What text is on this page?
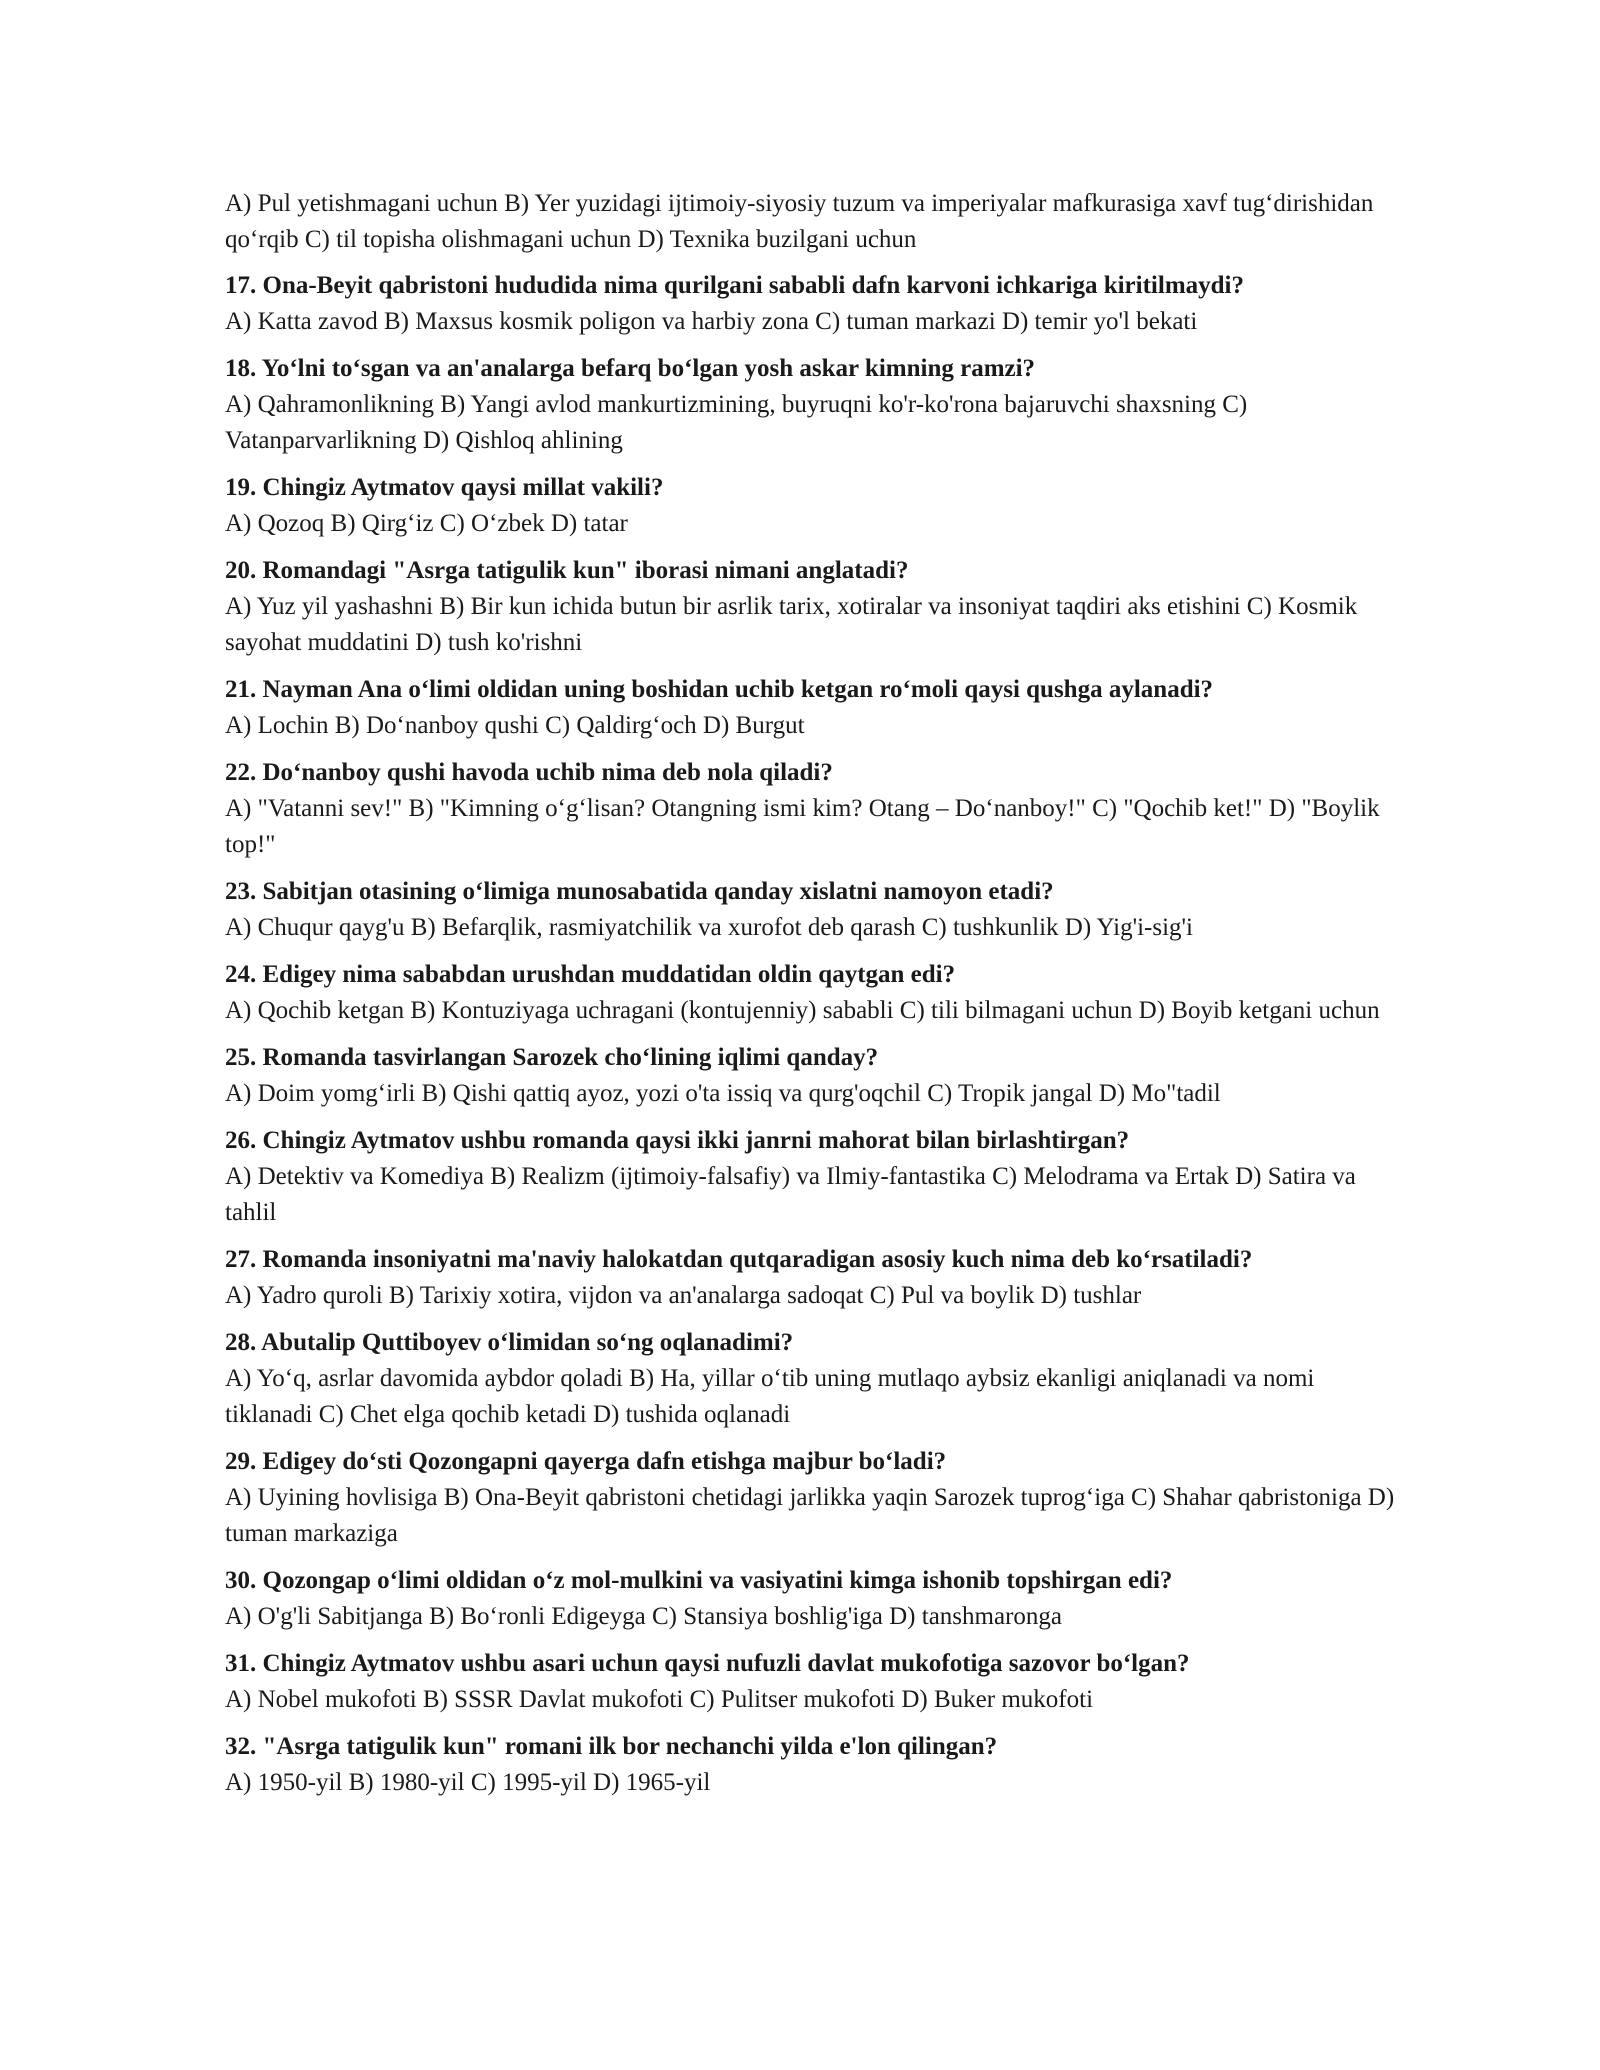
A) Pul yetishmagani uchun B) Yer yuzidagi ijtimoiy-siyosiy tuzum va imperiyalar mafkurasiga xavf tug‘dirishidan qo‘rqib C) til topisha olishmagani uchun D) Texnika buzilgani uchun

17. Ona-Beyit qabristoni hududida nima qurilgani sababli dafn karvoni ichkariga kiritilmaydi?

A) Katta zavod B) Maxsus kosmik poligon va harbiy zona C) tuman markazi D) temir yo'l bekati

18. Yo‘lni to‘sgan va an'analarga befarq bo‘lgan yosh askar kimning ramzi?

A) Qahramonlikning B) Yangi avlod mankurtizmining, buyruqni ko'r-ko'rona bajaruvchi shaxsning C) Vatanparvarlikning D) Qishloq ahlining

19. Chingiz Aytmatov qaysi millat vakili?

A) Qozoq B) Qirg‘iz C) O‘zbek D) tatar

20. Romandagi "Asrga tatigulik kun" iborasi nimani anglatadi?

A) Yuz yil yashashni B) Bir kun ichida butun bir asrlik tarix, xotiralar va insoniyat taqdiri aks etishini C) Kosmik sayohat muddatini D) tush ko'rishni

21. Nayman Ana o‘limi oldidan uning boshidan uchib ketgan ro‘moli qaysi qushga aylanadi?

A) Lochin B) Do‘nanboy qushi C) Qaldirg‘och D) Burgut

22. Do‘nanboy qushi havoda uchib nima deb nola qiladi?

A) "Vatanni sev!" B) "Kimning o‘g‘lisan? Otangning ismi kim? Otang – Do‘nanboy!" C) "Qochib ket!" D) "Boylik top!"

23. Sabitjan otasining o‘limiga munosabatida qanday xislatni namoyon etadi?

A) Chuqur qayg'u B) Befarqlik, rasmiyatchilik va xurofot deb qarash C) tushkunlik D) Yig'i-sig'i

24. Edigey nima sababdan urushdan muddatidan oldin qaytgan edi?

A) Qochib ketgan B) Kontuziyaga uchragani (kontujenniy) sababli C) tili bilmagani uchun D) Boyib ketgani uchun

25. Romanda tasvirlangan Sarozek cho‘lining iqlimi qanday?

A) Doim yomg‘irli B) Qishi qattiq ayoz, yozi o'ta issiq va qurg'oqchil C) Tropik jangal D) Mo"tadil

26. Chingiz Aytmatov ushbu romanda qaysi ikki janrni mahorat bilan birlashtirgan?

A) Detektiv va Komediya B) Realizm (ijtimoiy-falsafiy) va Ilmiy-fantastika C) Melodrama va Ertak D) Satira va tahlil

27. Romanda insoniyatni ma'naviy halokatdan qutqaradigan asosiy kuch nima deb ko‘rsatiladi?

A) Yadro quroli B) Tarixiy xotira, vijdon va an'analarga sadoqat C) Pul va boylik D) tushlar

28. Abutalip Quttiboyev o‘limidan so‘ng oqlanadimi?

A) Yo‘q, asrlar davomida aybdor qoladi B) Ha, yillar o‘tib uning mutlaqo aybsiz ekanligi aniqlanadi va nomi tiklanadi C) Chet elga qochib ketadi D) tushida oqlanadi

29. Edigey do‘sti Qozongapni qayerga dafn etishga majbur bo‘ladi?

A) Uyining hovlisiga B) Ona-Beyit qabristoni chetidagi jarlikka yaqin Sarozek tuprog‘iga C) Shahar qabristoniga D) tuman markaziga

30. Qozongap o‘limi oldidan o‘z mol-mulkini va vasiyatini kimga ishonib topshirgan edi?

A) O'g'li Sabitjanga B) Bo‘ronli Edigeyga C) Stansiya boshlig'iga D) tanshmaronga

31. Chingiz Aytmatov ushbu asari uchun qaysi nufuzli davlat mukofotiga sazovor bo‘lgan?

A) Nobel mukofoti B) SSSR Davlat mukofoti C) Pulitser mukofoti D) Buker mukofoti

32. "Asrga tatigulik kun" romani ilk bor nechanchi yilda e'lon qilingan?

A) 1950-yil B) 1980-yil C) 1995-yil D) 1965-yil
